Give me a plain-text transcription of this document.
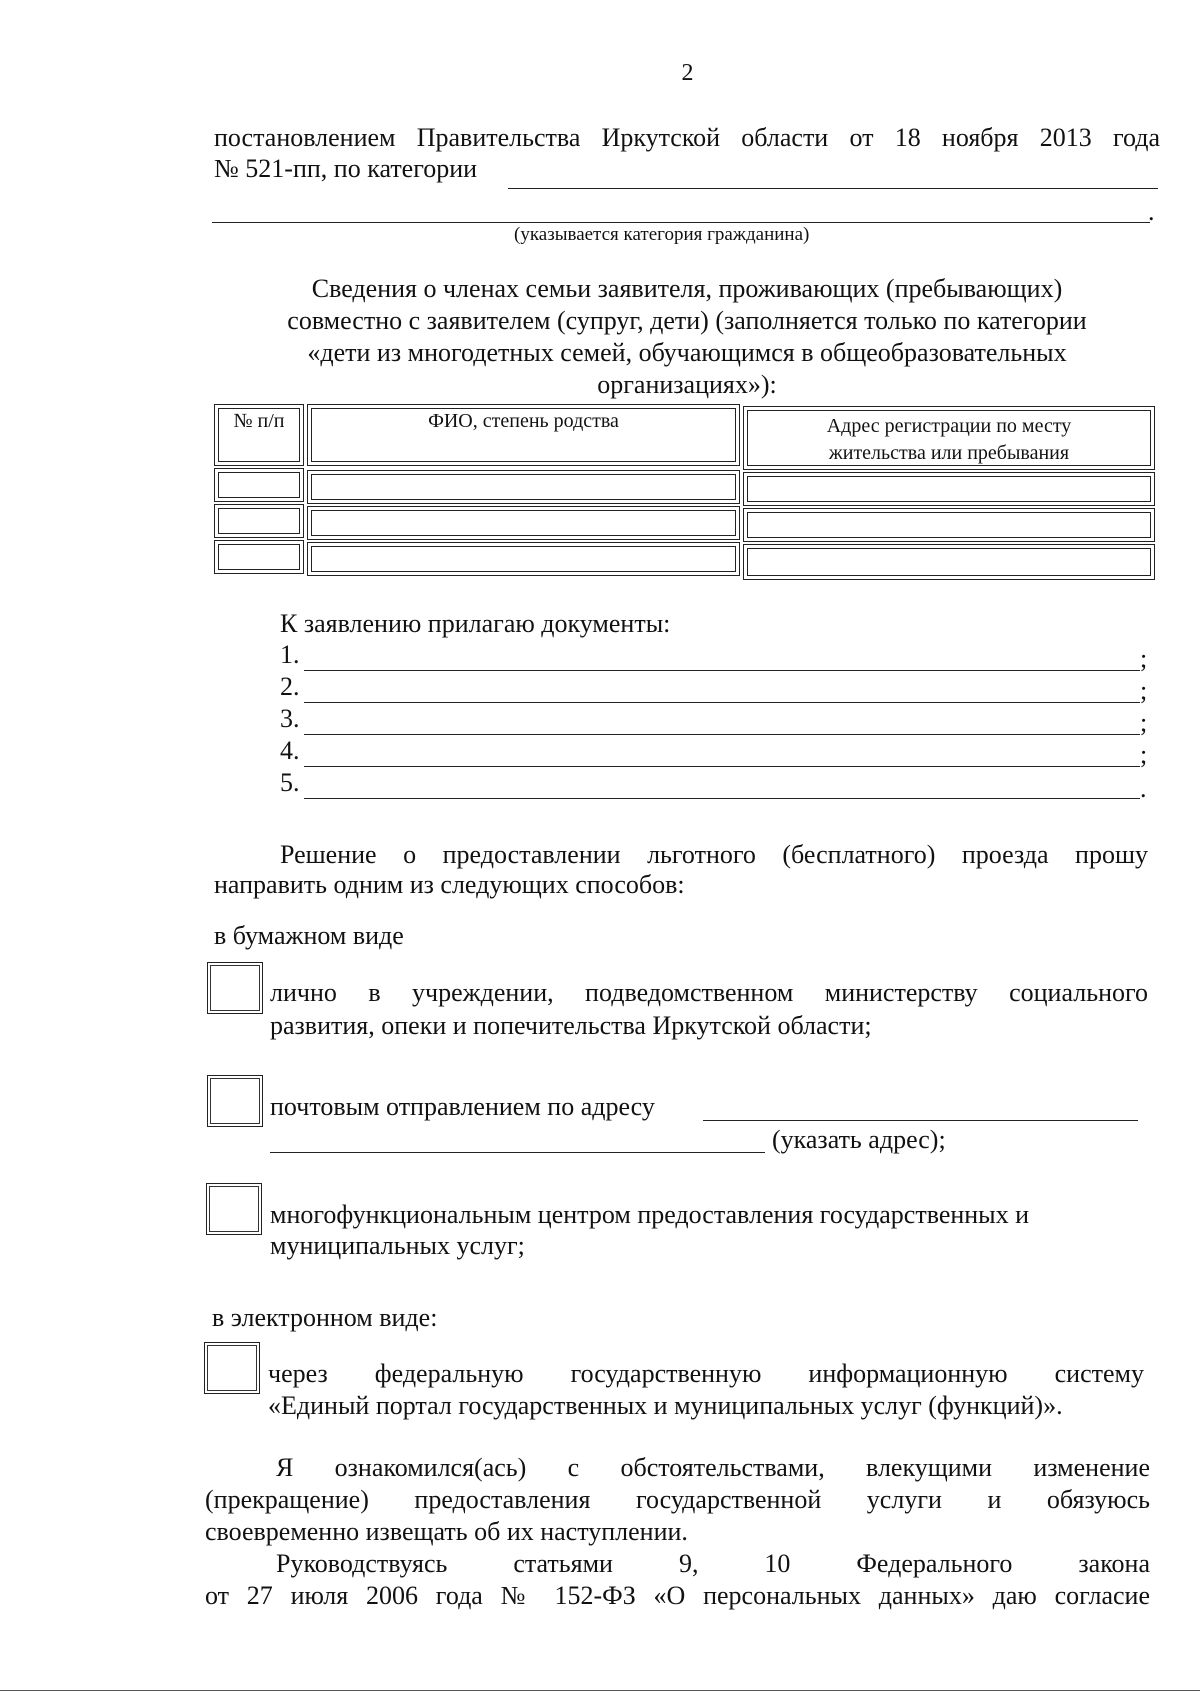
2
постановлением Правительства Иркутской области от 18 ноября 2013 года
№ 521-пп, по категории
.
(указывается категория гражданина)
Сведения о членах семьи заявителя, проживающих (пребывающих)
совместно с заявителем (супруг, дети) (заполняется только по категории
«дети из многодетных семей, обучающимся в общеобразовательных
организациях»):
№ п/п	ФИО, степень родства	Адрес регистрации по месту
жительства или пребывания
К заявлению прилагаю документы:
1.	;
2.	;
3.	;
4.	;
5.	.
Решение о предоставлении льготного (бесплатного) проезда прошу
направить одним из следующих способов:
в бумажном виде
лично в учреждении, подведомственном министерству социального
развития, опеки и попечительства Иркутской области;
почтовым отправлением по адресу
(указать адрес);
многофункциональным центром предоставления государственных и
муниципальных услуг;
в электронном виде:
через федеральную государственную информационную систему
«Единый портал государственных и муниципальных услуг (функций)».
Я ознакомился(ась) с обстоятельствами, влекущими изменение
(прекращение) предоставления государственной услуги и обязуюсь
своевременно извещать об их наступлении.
Руководствуясь статьями 9, 10 Федерального закона
от 27 июля 2006 года № 152-ФЗ «О персональных данных» даю согласие
